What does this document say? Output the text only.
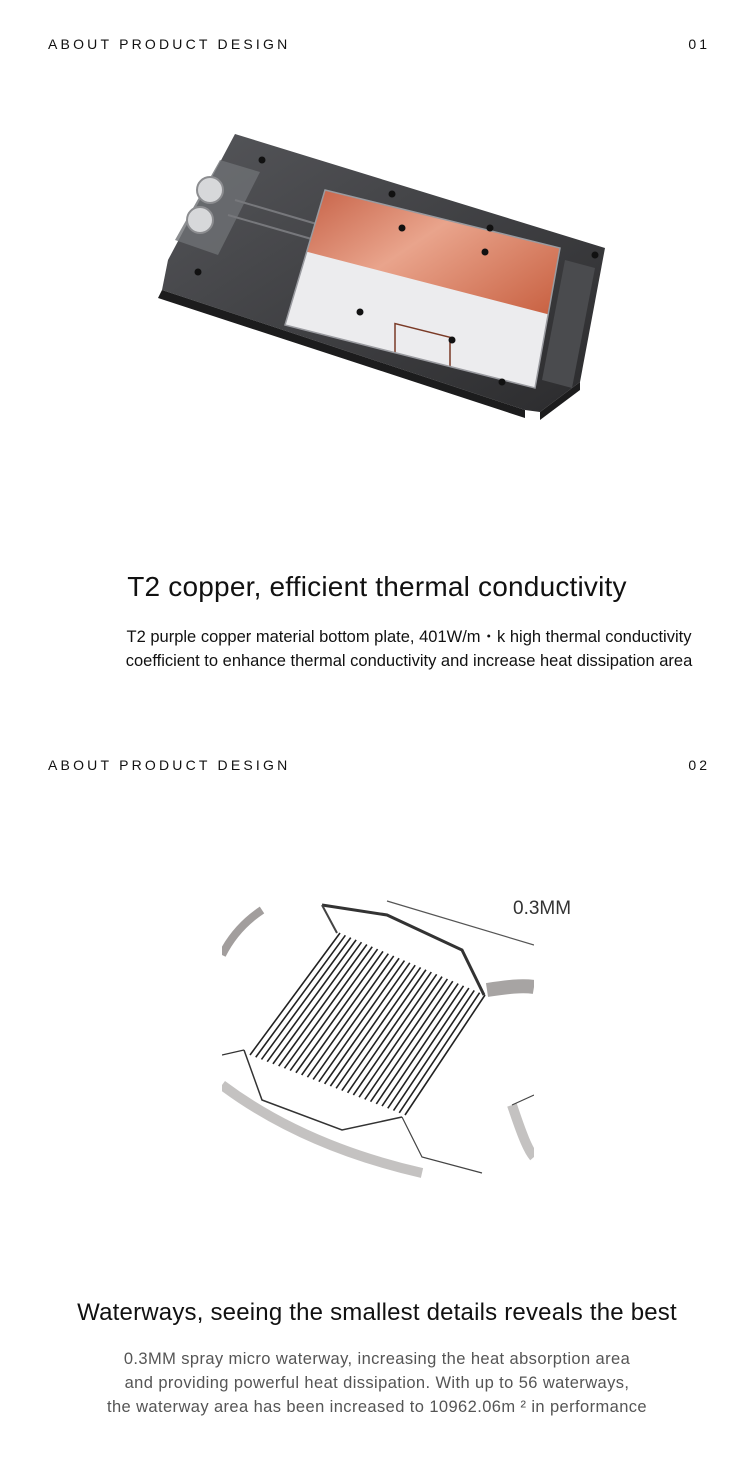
ABOUT PRODUCT DESIGN	01
T2 copper, efficient thermal conductivity
T2 purple copper material bottom plate, 401W/m・k high thermal conductivity
coefficient to enhance thermal conductivity and increase heat dissipation area
ABOUT PRODUCT DESIGN	02
0.3MM
Waterways, seeing the smallest details reveals the best
0.3MM spray micro waterway, increasing the heat absorption area
and providing powerful heat dissipation. With up to 56 waterways,
the waterway area has been increased to 10962.06m ² in performance
